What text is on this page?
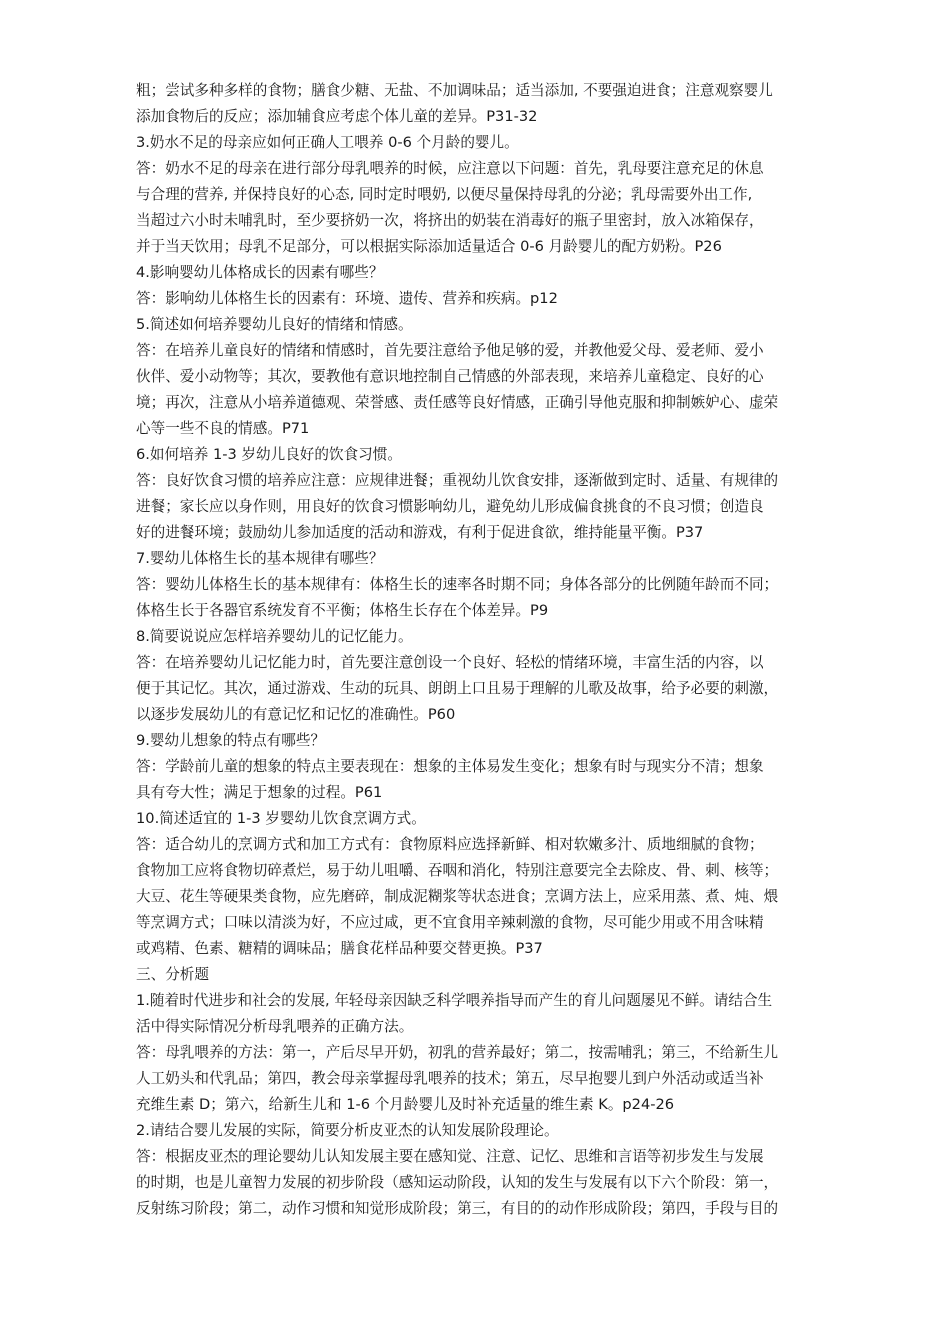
粗；尝试多种多样的食物；膳食少糖、无盐、不加调味品；适当添加, 不要强迫进食；注意观察婴儿
添加食物后的反应；添加辅食应考虑个体儿童的差异。P31-32
3.奶水不足的母亲应如何正确人工喂养 0-6 个月龄的婴儿。
答：奶水不足的母亲在进行部分母乳喂养的时候，应注意以下问题：首先，乳母要注意充足的休息
与合理的营养, 并保持良好的心态, 同时定时喂奶, 以便尽量保持母乳的分泌；乳母需要外出工作,
当超过六小时未哺乳时，至少要挤奶一次，将挤出的奶装在消毒好的瓶子里密封，放入冰箱保存，
并于当天饮用；母乳不足部分，可以根据实际添加适量适合 0-6 月龄婴儿的配方奶粉。P26
4.影响婴幼儿体格成长的因素有哪些？
答：影响幼儿体格生长的因素有：环境、遗传、营养和疾病。p12
5.简述如何培养婴幼儿良好的情绪和情感。
答：在培养儿童良好的情绪和情感时，首先要注意给予他足够的爱，并教他爱父母、爱老师、爱小
伙伴、爱小动物等；其次，要教他有意识地控制自己情感的外部表现，来培养儿童稳定、良好的心
境；再次，注意从小培养道德观、荣誉感、责任感等良好情感，正确引导他克服和抑制嫉妒心、虚荣
心等一些不良的情感。P71
6.如何培养 1-3 岁幼儿良好的饮食习惯。
答：良好饮食习惯的培养应注意：应规律进餐；重视幼儿饮食安排，逐渐做到定时、适量、有规律的
进餐；家长应以身作则，用良好的饮食习惯影响幼儿，避免幼儿形成偏食挑食的不良习惯；创造良
好的进餐环境；鼓励幼儿参加适度的活动和游戏，有利于促进食欲，维持能量平衡。P37
7.婴幼儿体格生长的基本规律有哪些？
答：婴幼儿体格生长的基本规律有：体格生长的速率各时期不同；身体各部分的比例随年龄而不同；
体格生长于各器官系统发育不平衡；体格生长存在个体差异。P9
8.简要说说应怎样培养婴幼儿的记忆能力。
答：在培养婴幼儿记忆能力时，首先要注意创设一个良好、轻松的情绪环境，丰富生活的内容，以
便于其记忆。其次，通过游戏、生动的玩具、朗朗上口且易于理解的儿歌及故事，给予必要的刺激，
以逐步发展幼儿的有意记忆和记忆的准确性。P60
9.婴幼儿想象的特点有哪些？
答：学龄前儿童的想象的特点主要表现在：想象的主体易发生变化；想象有时与现实分不清；想象
具有夸大性；满足于想象的过程。P61
10.简述适宜的 1-3 岁婴幼儿饮食烹调方式。
答：适合幼儿的烹调方式和加工方式有：食物原料应选择新鲜、相对软嫩多汁、质地细腻的食物；
食物加工应将食物切碎煮烂，易于幼儿咀嚼、吞咽和消化，特别注意要完全去除皮、骨、刺、核等；
大豆、花生等硬果类食物，应先磨碎，制成泥糊浆等状态进食；烹调方法上，应采用蒸、煮、炖、煨
等烹调方式；口味以清淡为好，不应过咸，更不宜食用辛辣刺激的食物，尽可能少用或不用含味精
或鸡精、色素、糖精的调味品；膳食花样品种要交替更换。P37
三、分析题
1.随着时代进步和社会的发展, 年轻母亲因缺乏科学喂养指导而产生的育儿问题屡见不鲜。请结合生
活中得实际情况分析母乳喂养的正确方法。
答：母乳喂养的方法：第一，产后尽早开奶，初乳的营养最好；第二，按需哺乳；第三，不给新生儿
人工奶头和代乳品；第四，教会母亲掌握母乳喂养的技术；第五，尽早抱婴儿到户外活动或适当补
充维生素 D；第六，给新生儿和 1-6 个月龄婴儿及时补充适量的维生素 K。p24-26
2.请结合婴儿发展的实际，简要分析皮亚杰的认知发展阶段理论。
答：根据皮亚杰的理论婴幼儿认知发展主要在感知觉、注意、记忆、思维和言语等初步发生与发展
的时期，也是儿童智力发展的初步阶段（感知运动阶段，认知的发生与发展有以下六个阶段：第一，
反射练习阶段；第二，动作习惯和知觉形成阶段；第三，有目的的动作形成阶段；第四，手段与目的
